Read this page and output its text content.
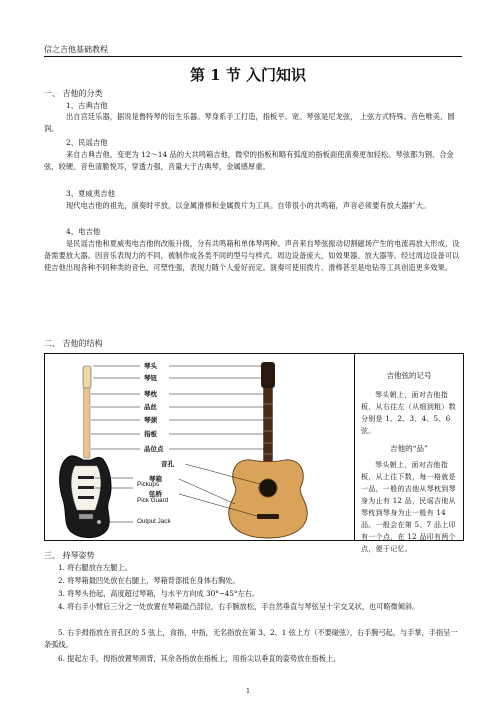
信之吉他基础教程
第 1 节 入门知识
一、 吉他的分类
1、古典吉他
出自宫廷乐器，据说是鲁特琴的衍生乐器。琴身系手工打造，指板平、宽。琴弦是尼龙弦， 上弦方式特殊。音色唯美、圆润。
2、民谣吉他
来自古典吉他，变更为 12～14 品的大共鸣箱吉他，微窄的指板和略有弧度的指板面使演奏更加轻松。琴弦都为钢、合金弦，较硬。音色清脆悦耳，穿透力强，音量大于古典琴，金属感厚重。
3、夏威夷吉他
现代电吉他的祖先，演奏时平放，以金属滑棒和金属拨片为工具。自带很小的共鸣箱，声音必须要有放大器扩大。
4、电吉他
是民谣吉他和夏威夷电吉他的改版升级，分有共鸣箱和单体琴两种。声音来自琴弦振动切割磁场产生的电流再放大形成，设备需要放大器。因音乐表现力的不同，被制作成各类不同的型号与样式。周边设备庞大，如效果器、放大器等。经过周边设备可以使吉他出现各种不同种类的音色，可塑性强，表现力随个人爱好而定。演奏可使用拨片、滑棒甚至是电钻等工具创造更多效果。
二、 吉他的结构
琴头
琴钮
琴枕
品丝
琴颈
指板
品位点
音孔
琴箱
弦桥
Pickups
Pick Guard
Output Jack
吉他弦的记号
琴头朝上，面对吉他指板，从右往左（从细到粗）数分别是 1、2、3、4、5、6 弦。
吉他的“品”
琴头朝上，面对吉他指板，从上往下数，每一格就是一品，一般的吉他从琴枕到琴身为止有 12 品，民谣吉他从琴枕到琴身为止一般有 14 品。一般会在第 5、7 品上印有一个点，在 12 品印有两个点，便于记忆。
三、 持琴姿势
1. 将右腿放在左腿上。
2. 将琴箱最凹处放在右腿上，琴箱背部抵在身体右胸处。
3. 将琴头抬起，高度超过琴箱，与水平方向成 30°~45°左右。
4. 将右手小臂后三分之一处放置在琴箱最凸部位，右手腕放松，手自然垂直与琴弦呈十字交叉状，也可略微倾斜。
5. 右手拇指放在音孔区的 5 弦上，食指，中指，无名指放在第 3、2、1 弦上方（不要碰弦），右手腕弓起，与手掌，手指呈一条弧线。
6. 提起左手，拇指放置琴颈背，其余各指放在指板上，用指尖以垂直的姿势放在指板上，
1
